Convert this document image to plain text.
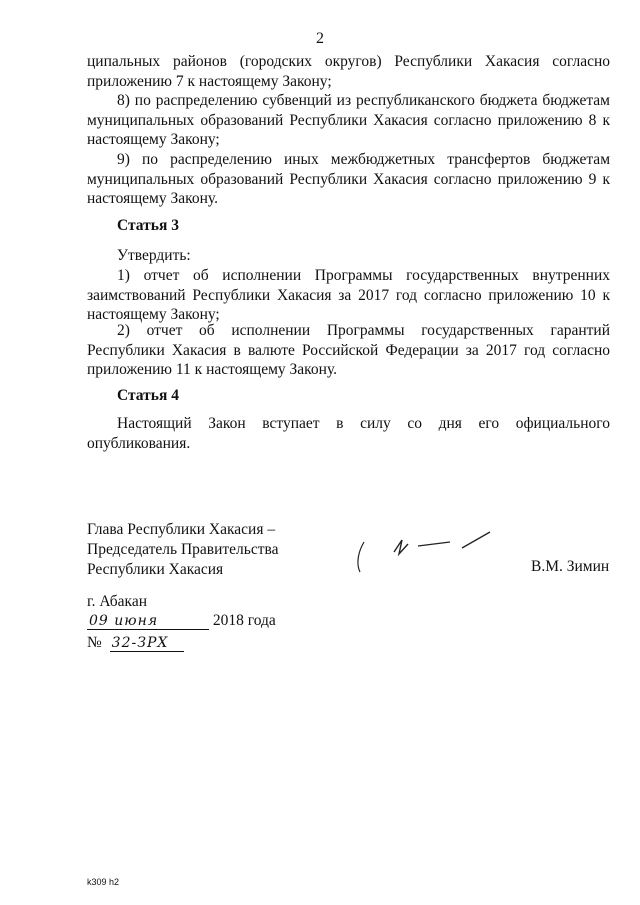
2
ципальных районов (городских округов) Республики Хакасия согласно приложению 7 к настоящему Закону;
8) по распределению субвенций из республиканского бюджета бюджетам муниципальных образований Республики Хакасия согласно приложению 8 к настоящему Закону;
9) по распределению иных межбюджетных трансфертов бюджетам муниципальных образований Республики Хакасия согласно приложению 9 к настоящему Закону.
Статья 3
Утвердить:
1) отчет об исполнении Программы государственных внутренних заимствований Республики Хакасия за 2017 год согласно приложению 10 к настоящему Закону;
2) отчет об исполнении Программы государственных гарантий Республики Хакасия в валюте Российской Федерации за 2017 год согласно приложению 11 к настоящему Закону.
Статья 4
Настоящий Закон вступает в силу со дня его официального опубликования.
Глава Республики Хакасия –
Председатель Правительства
Республики Хакасия	В.М. Зимин
г. Абакан
09 июня	2018 года
№ 32-ЗРХ
k309 h2
